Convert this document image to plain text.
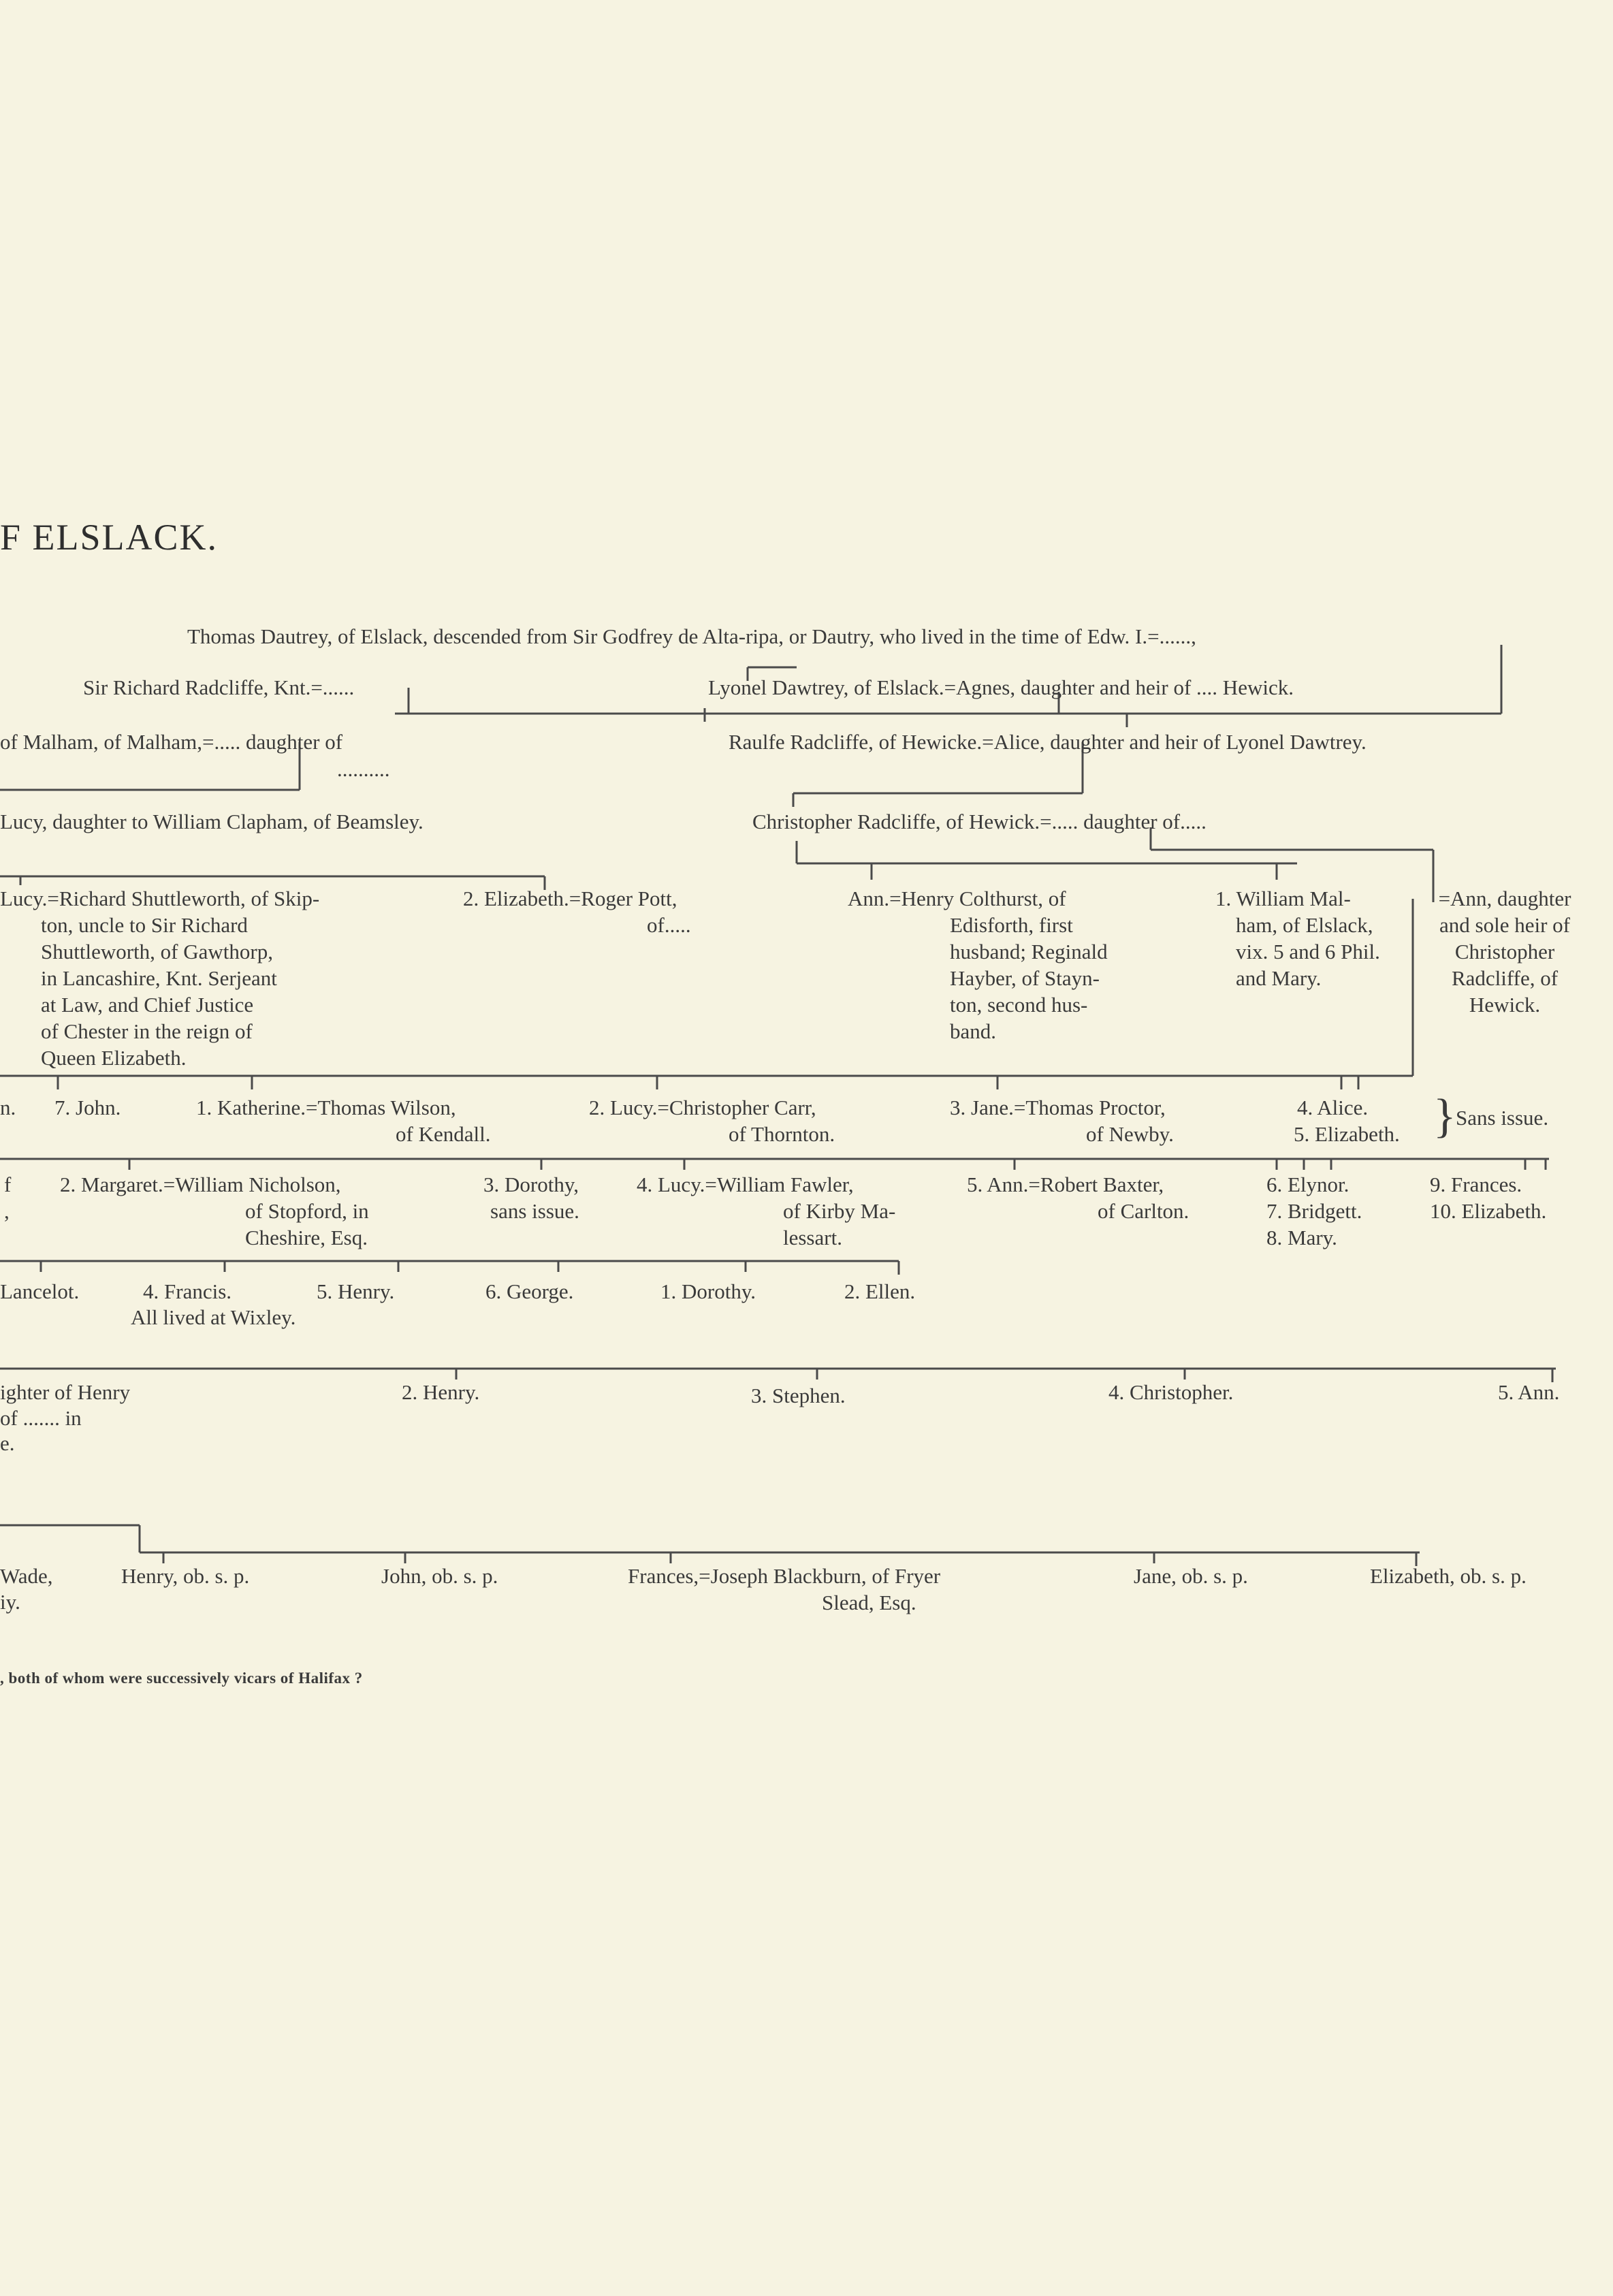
F ELSLACK.
Thomas Dautrey, of Elslack, descended from Sir Godfrey de Alta-ripa, or Dautry, who lived in the time of Edw. I.=......,
Sir Richard Radcliffe, Knt.=......	Lyonel Dawtrey, of Elslack.=Agnes, daughter and heir of .... Hewick.
of Malham, of Malham,=..... daughter of
..........
Raulfe Radcliffe, of Hewicke.=Alice, daughter and heir of Lyonel Dawtrey.
Lucy, daughter to William Clapham, of Beamsley.	Christopher Radcliffe, of Hewick.=..... daughter of.....
Lucy.=Richard Shuttleworth, of Skip-
ton, uncle to Sir Richard
Shuttleworth, of Gawthorp,
in Lancashire, Knt. Serjeant
at Law, and Chief Justice
of Chester in the reign of
Queen Elizabeth.
2. Elizabeth.=Roger Pott,
of.....
Ann.=Henry Colthurst, of
Edisforth, first
husband; Reginald
Hayber, of Stayn-
ton, second hus-
band.
1. William Mal-
ham, of Elslack,
vix. 5 and 6 Phil.
and Mary.
=Ann, daughter
and sole heir of
Christopher
Radcliffe, of
Hewick.
n. 7. John.	1. Katherine.=Thomas Wilson,
of Kendall.
2. Lucy.=Christopher Carr,
of Thornton.
3. Jane.=Thomas Proctor,
of Newby.
4. Alice.
5. Elizabeth. } Sans issue.
f
,
2. Margaret.=William Nicholson,
of Stopford, in
Cheshire, Esq.
3. Dorothy,
sans issue.
4. Lucy.=William Fawler,
of Kirby Ma-
lessart.
5. Ann.=Robert Baxter,
of Carlton.
6. Elynor.
7. Bridgett.
8. Mary.
9. Frances.
10. Elizabeth.
Lancelot.	4. Francis.	5. Henry.	6. George.	1. Dorothy.	2. Ellen.
All lived at Wixley.
ighter of Henry
of ....... in
e.
2. Henry.	3. Stephen.	4. Christopher.	5. Ann.
Wade,
iy.
Henry, ob. s. p.	John, ob. s. p.	Frances,=Joseph Blackburn, of Fryer
Slead, Esq.
Jane, ob. s. p.	Elizabeth, ob. s. p.
, both of whom were successively vicars of Halifax ?
